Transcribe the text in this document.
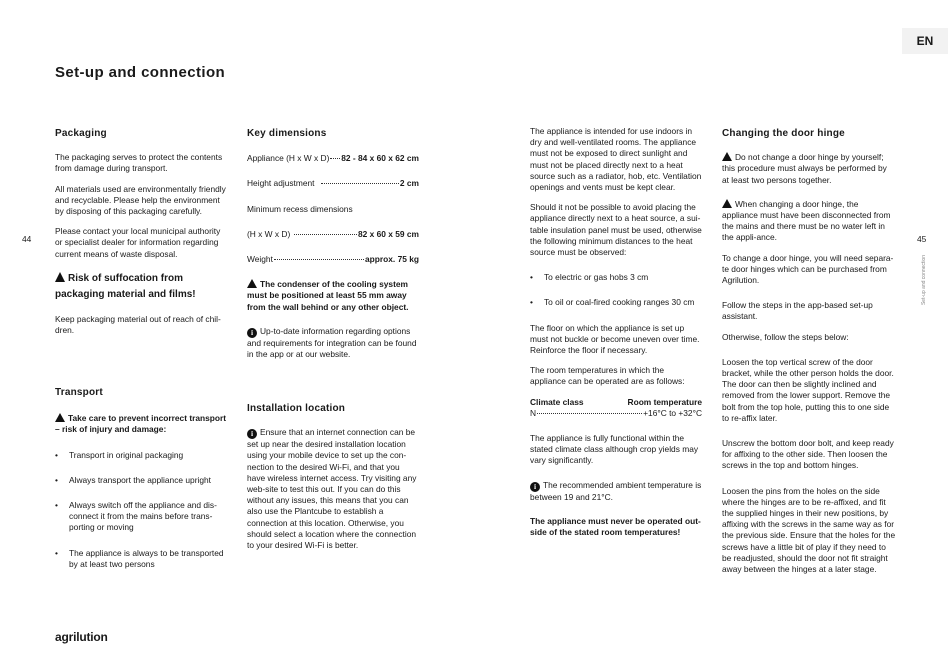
EN
Set-up and connection
44	45
Set-up and connection
Packaging

The packaging serves to protect the contents from damage during transport.

All materials used are environmentally friendly and recyclable. Please help the environment by disposing of this packaging carefully.

Please contact your local municipal authority or specialist dealer for information regarding current means of waste disposal.

Risk of suffocation from packaging material and films!

Keep packaging material out of reach of chil-dren.

Transport

Take care to prevent incorrect transport – risk of injury and damage:

•	Transport in original packaging
•	Always transport the appliance upright
•	Always switch off the appliance and dis-connect it from the mains before trans-porting or moving
•	The appliance is always to be transported by at least two persons
Key dimensions
Appliance (H x W x D) 82 - 84 x 60 x 62 cm
Height adjustment	2 cm

Minimum recess dimensions

(H x W x D)	82 x 60 x 59 cm
Weight	approx. 75 kg

The condenser of the cooling system must be positioned at least 55 mm away from the wall behind or any other object.

i Up-to-date information regarding options and requirements for integration can be found in the app or at our website.

Installation location

i Ensure that an internet connection can be set up near the desired installation location using your mobile device to set up the con-nection to the desired Wi-Fi, and that you have wireless internet access. Try visiting any web-site to test this out. If you can do this without any issues, this means that you can also use the Plantcube to establish a connection at this location. Otherwise, you should select a location where the connection to your desired Wi-Fi is better.

The appliance is intended for use indoors in dry and well-ventilated rooms. The appliance must not be exposed to direct sunlight and must not be placed directly next to a heat source such as a radiator, hob, etc. Ventilation openings and vents must be kept clear.

Should it not be possible to avoid placing the appliance directly next to a heat source, a sui-table insulation panel must be used, otherwise the following minimum distances to the heat source must be observed:

•	To electric or gas hobs 3 cm
•	To oil or coal-fired cooking ranges 30 cm

The floor on which the appliance is set up must not buckle or become uneven over time. Reinforce the floor if necessary.

The room temperatures in which the appliance can be operated are as follows:

Climate class	Room temperature
N	+16°C to +32°C

The appliance is fully functional within the stated climate class although crop yields may vary significantly.

i The recommended ambient temperature is between 19 and 21°C.

The appliance must never be operated out-side of the stated room temperatures!

Changing the door hinge

Do not change a door hinge by yourself; this procedure must always be performed by at least two persons together.

When changing a door hinge, the appliance must have been disconnected from the mains and there must be no water left in the appli-ance.

To change a door hinge, you will need separa-te door hinges which can be purchased from Agrilution.

Follow the steps in the app-based set-up assistant.

Otherwise, follow the steps below:

Loosen the top vertical screw of the door bracket, while the other person holds the door. The door can then be slightly inclined and removed from the lower support. Remove the bolt from the top hole, putting this to one side to re-affix later.

Unscrew the bottom door bolt, and keep ready for affixing to the other side. Then loosen the screws in the top and bottom hinges.

Loosen the pins from the holes on the side where the hinges are to be re-affixed, and fit the supplied hinges in their new positions, by affixing with the screws in the same way as for the previous side. Ensure that the holes for the screws have a little bit of play if they need to be readjusted, should the door not fit straight away between the hinges at a later stage.

agrilution
